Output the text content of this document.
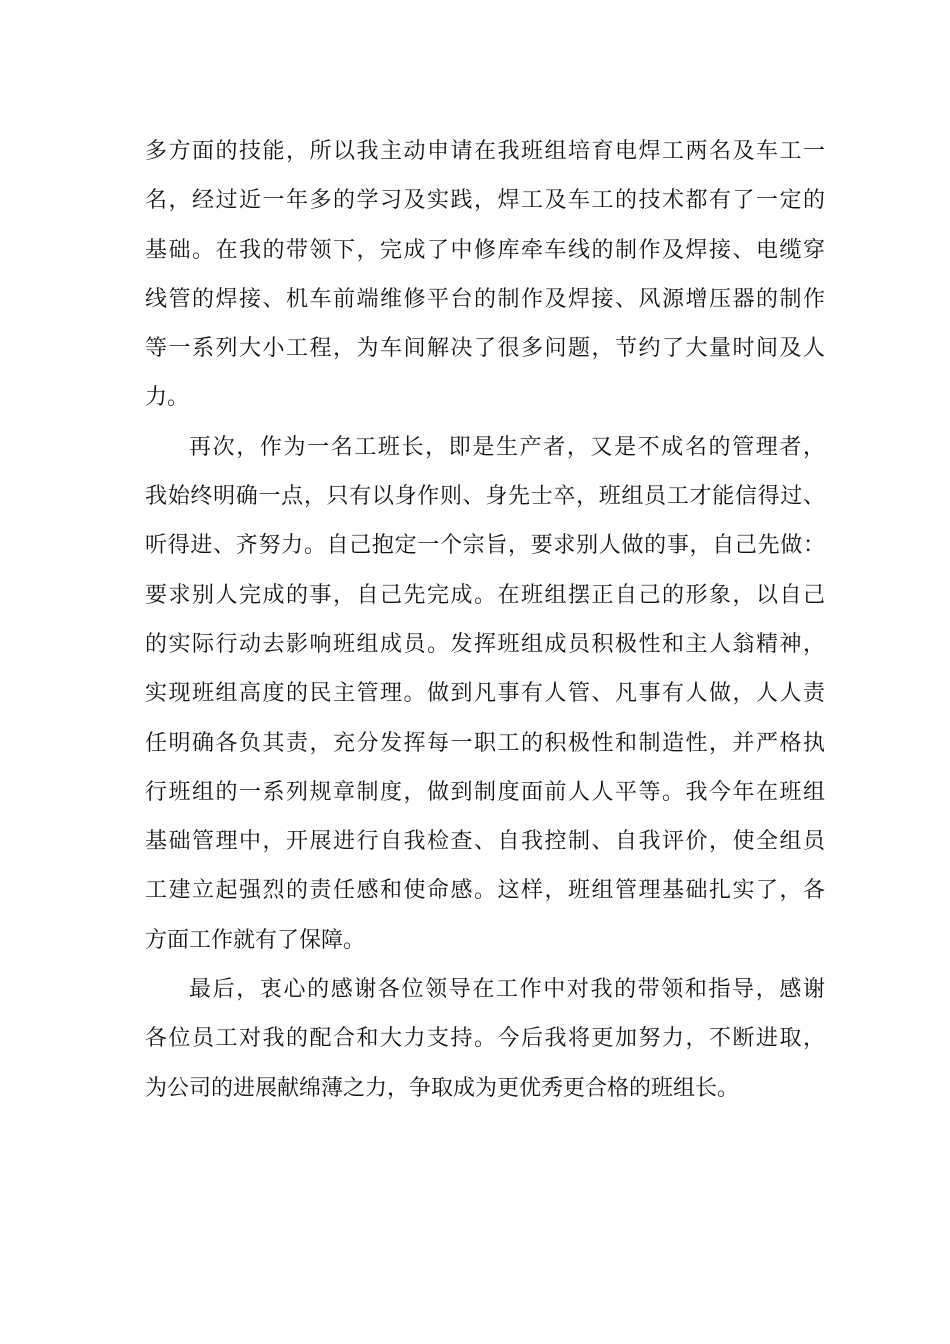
多方面的技能，所以我主动申请在我班组培育电焊工两名及车工一
名，经过近一年多的学习及实践，焊工及车工的技术都有了一定的
基础。在我的带领下，完成了中修库牵车线的制作及焊接、电缆穿
线管的焊接、机车前端维修平台的制作及焊接、风源增压器的制作
等一系列大小工程，为车间解决了很多问题，节约了大量时间及人
力。
再次，作为一名工班长，即是生产者，又是不成名的管理者，
我始终明确一点，只有以身作则、身先士卒，班组员工才能信得过、
听得进、齐努力。自己抱定一个宗旨，要求别人做的事，自己先做：
要求别人完成的事，自己先完成。在班组摆正自己的形象，以自己
的实际行动去影响班组成员。发挥班组成员积极性和主人翁精神，
实现班组高度的民主管理。做到凡事有人管、凡事有人做，人人责
任明确各负其责，充分发挥每一职工的积极性和制造性，并严格执
行班组的一系列规章制度，做到制度面前人人平等。我今年在班组
基础管理中，开展进行自我检查、自我控制、自我评价，使全组员
工建立起强烈的责任感和使命感。这样，班组管理基础扎实了，各
方面工作就有了保障。
最后，衷心的感谢各位领导在工作中对我的带领和指导，感谢
各位员工对我的配合和大力支持。今后我将更加努力，不断进取，
为公司的进展献绵薄之力，争取成为更优秀更合格的班组长。
